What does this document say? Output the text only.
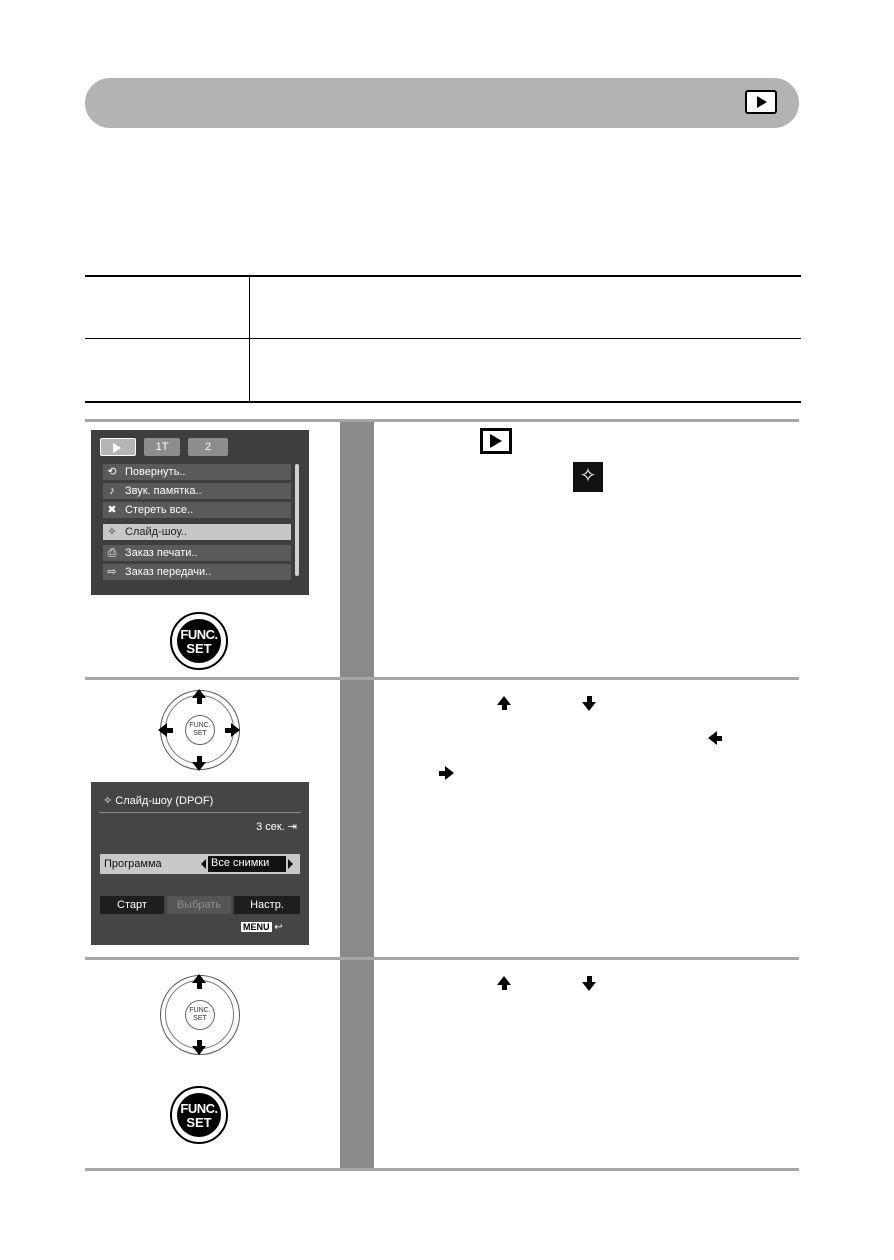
1T	2
⟲ Повернуть..
♪ Звук. памятка..
✖ Стереть все..
✧ Слайд-шоу..
⎙ Заказ печати..
⇨ Заказ передачи..
FUNC.
SET
✧
FUNC.
SET
✧ Слайд-шоу (DPOF)
3 сек. ⇥
Программа	Все снимки
Старт	Выбрать	Настр.
MENU ↩
FUNC.
SET
FUNC.
SET
